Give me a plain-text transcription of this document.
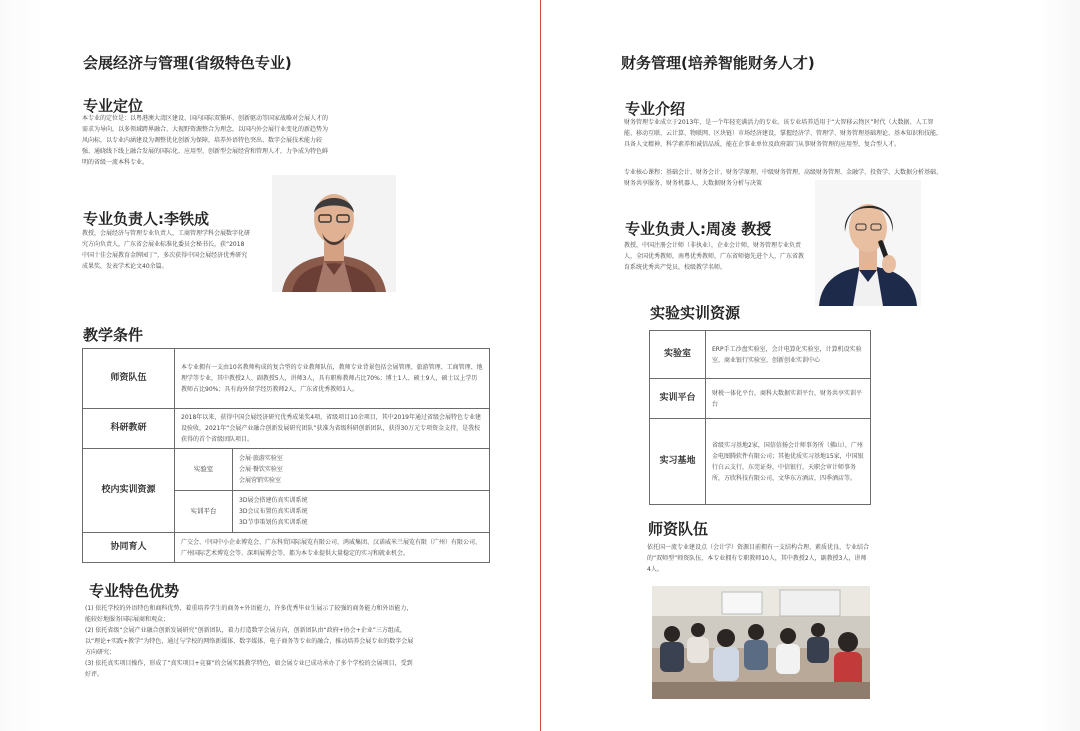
会展经济与管理(省级特色专业)
专业定位
本专业的定位是：以粤港澳大湾区建设、国内国际双循环、创新驱动等国家战略对会展人才的需求为导向，以多领域跨界融合、大视野资源整合为理念，以国内外会展行业变化的新趋势为风向标，以专业内涵建设为调整优化创新为保障，培养外语特色突出、数字会展技术能力较强、通晓线下线上融合发展的国际化、应用型、创新型会展经营和管理人才，力争成为特色鲜明的省级一流本科专业。
专业负责人:李铁成
教授，会展经济与管理专业负责人，工商管理学科会展数字化研究方向负责人，广东省会展业标准化委员会秘书长，获“2018中国十佳会展教育金牌园丁”，多次获得中国会展经济优秀研究成果奖，发表学术论文40余篇。
教学条件
师资队伍	本专业拥有一支由10名教师构成的复合型的专业教师队伍，教师专业背景包括会展管理、旅游管理、工商管理、地理学等专业，其中教授2人、副教授5人，讲师3人，具有职称教师占比70%；博士1人、硕士9人，硕士以上学历教师占比90%；具有海外留学经历教师2人，广东省优秀教师1人。	
科研教研	2018年以来，获得中国会展经济研究优秀成果奖4项，省级项目10余项目，其中2019年通过省级会展特色专业建设验收，2021年“会展产业融合创新发展研究团队”获准为省级科研创新团队，获得30万元专项资金支持，是我校获得的首个省级团队项目。	
校内实训资源	实验室	会展·旅游实验室
会展·餐饮实验室
会展营销实验室

	实训平台	3D展会搭建仿真实训系统
3D会议布置仿真实训系统
3D节事策划仿真实训系统

协同育人	广交会、中国中小企业博览会、广东科贸国际展览有限公司、鸿威集团、汉诺威米兰展览有限（广州）有限公司、广州国际艺术博览会等、深圳展博会等，都为本专业提供大量稳定的实习和就业机会。	
专业特色优势
(1) 依托学校的外语特色和商科优势，着重培养学生的商务+外语能力，许多优秀毕业生展示了较强的商务能力和外语能力，能较好地服务国际展商和观众；
(2) 依托省级“会展产业融合创新发展研究”创新团队，着力打造数字会展方向，创新团队由“政府+协会+企业”三方组成，以“理论+实践+教学”为特色，通过与学校的网络新媒体、数字媒体、电子商务等专业的融合，推动培养会展专业的数字会展方向研究；
(3) 依托真实项目操作，形成了“真实项目+竞赛”的会展实践教学特色，如会展专业已成功承办了多个学校的会展项目，受到好评。
财务管理(培养智能财务人才)
专业介绍
财务管理专业成立于2013年，是一个年轻充满活力的专业。该专业培养适用于“大智移云物区”时代（大数据、人工智能、移动互联、云计算、物联网、区块链）市场经济建设，掌握经济学、管理学、财务管理基础理论、基本知识和技能，具备人文精神、科学素养和诚信品质，能在企事业单位及政府部门从事财务管理的应用型、复合型人才。
专业核心课程：基础会计、财务会计、财务学原理、中级财务管理、高级财务管理、金融学、投资学、大数据分析基础、财务共享服务、财务机器人、大数据财务分析与决策
专业负责人:周凌 教授
教授，中国注册会计师（非执业），企业会计师，财务管理专业负责人，全国优秀教师，南粤优秀教师，广东省师德先进个人，广东省教育系统优秀共产党员，校级教学名师。
实验实训资源
实验室	ERP手工沙盘实验室，会计电算化实验室，计算机设实验室，商业银行实验室，创新创业实训中心
实训平台	财税一体化平台，商科大数据实训平台，财务共享实训平台
实习基地	省级实习基地2家，国信信扬会计师事务所（佛山），广州金电图腾软件有限公司；其他优质实习基地15家，中国银行白云支行，东莞证券，中信银行，天职会审计师事务所，方欣科技有限公司，文华东方酒店，四季酒店等。
师资队伍
依托国一流专业建设点（会计学）资源目前拥有一支结构合理、素质优良、专业结合的“双师型”师资队伍，本专业拥有专职教师10人，其中教授2人，副教授3人，讲师4人。
